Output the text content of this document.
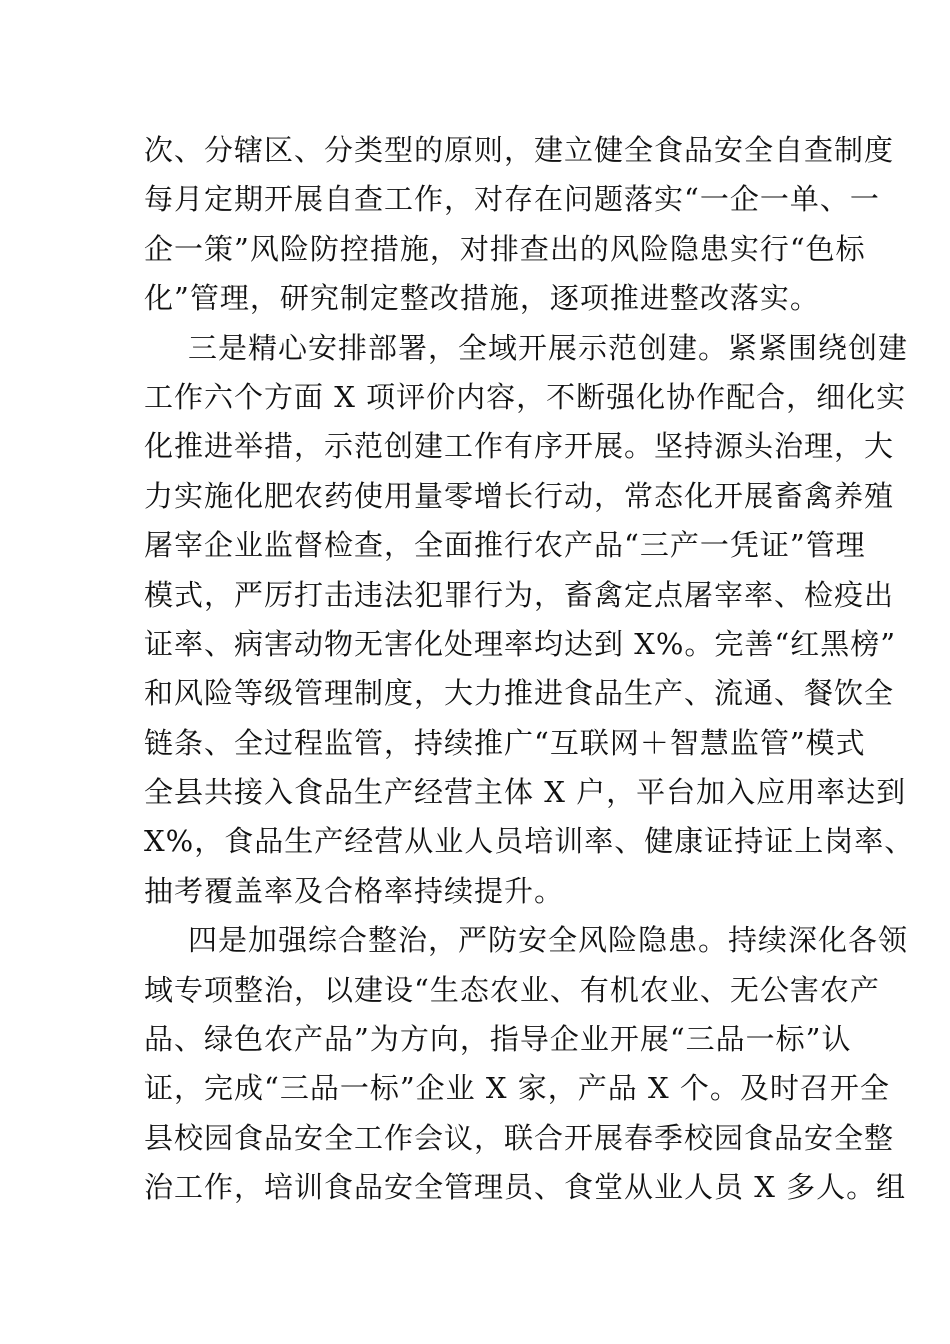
次、分辖区、分类型的原则，建立健全食品安全自查制度
每月定期开展自查工作，对存在问题落实“一企一单、一
企一策”风险防控措施，对排查出的风险隐患实行“色标
化”管理，研究制定整改措施，逐项推进整改落实。
三是精心安排部署，全域开展示范创建。紧紧围绕创建
工作六个方面 X 项评价内容，不断强化协作配合，细化实
化推进举措，示范创建工作有序开展。坚持源头治理，大
力实施化肥农药使用量零增长行动，常态化开展畜禽养殖
屠宰企业监督检查，全面推行农产品“三产一凭证”管理
模式，严厉打击违法犯罪行为，畜禽定点屠宰率、检疫出
证率、病害动物无害化处理率均达到 X%。完善“红黑榜”
和风险等级管理制度，大力推进食品生产、流通、餐饮全
链条、全过程监管，持续推广“互联网＋智慧监管”模式
全县共接入食品生产经营主体 X 户，平台加入应用率达到
X%，食品生产经营从业人员培训率、健康证持证上岗率、
抽考覆盖率及合格率持续提升。
四是加强综合整治，严防安全风险隐患。持续深化各领
域专项整治，以建设“生态农业、有机农业、无公害农产
品、绿色农产品”为方向，指导企业开展“三品一标”认
证，完成“三品一标”企业 X 家，产品 X 个。及时召开全
县校园食品安全工作会议，联合开展春季校园食品安全整
治工作，培训食品安全管理员、食堂从业人员 X 多人。组
